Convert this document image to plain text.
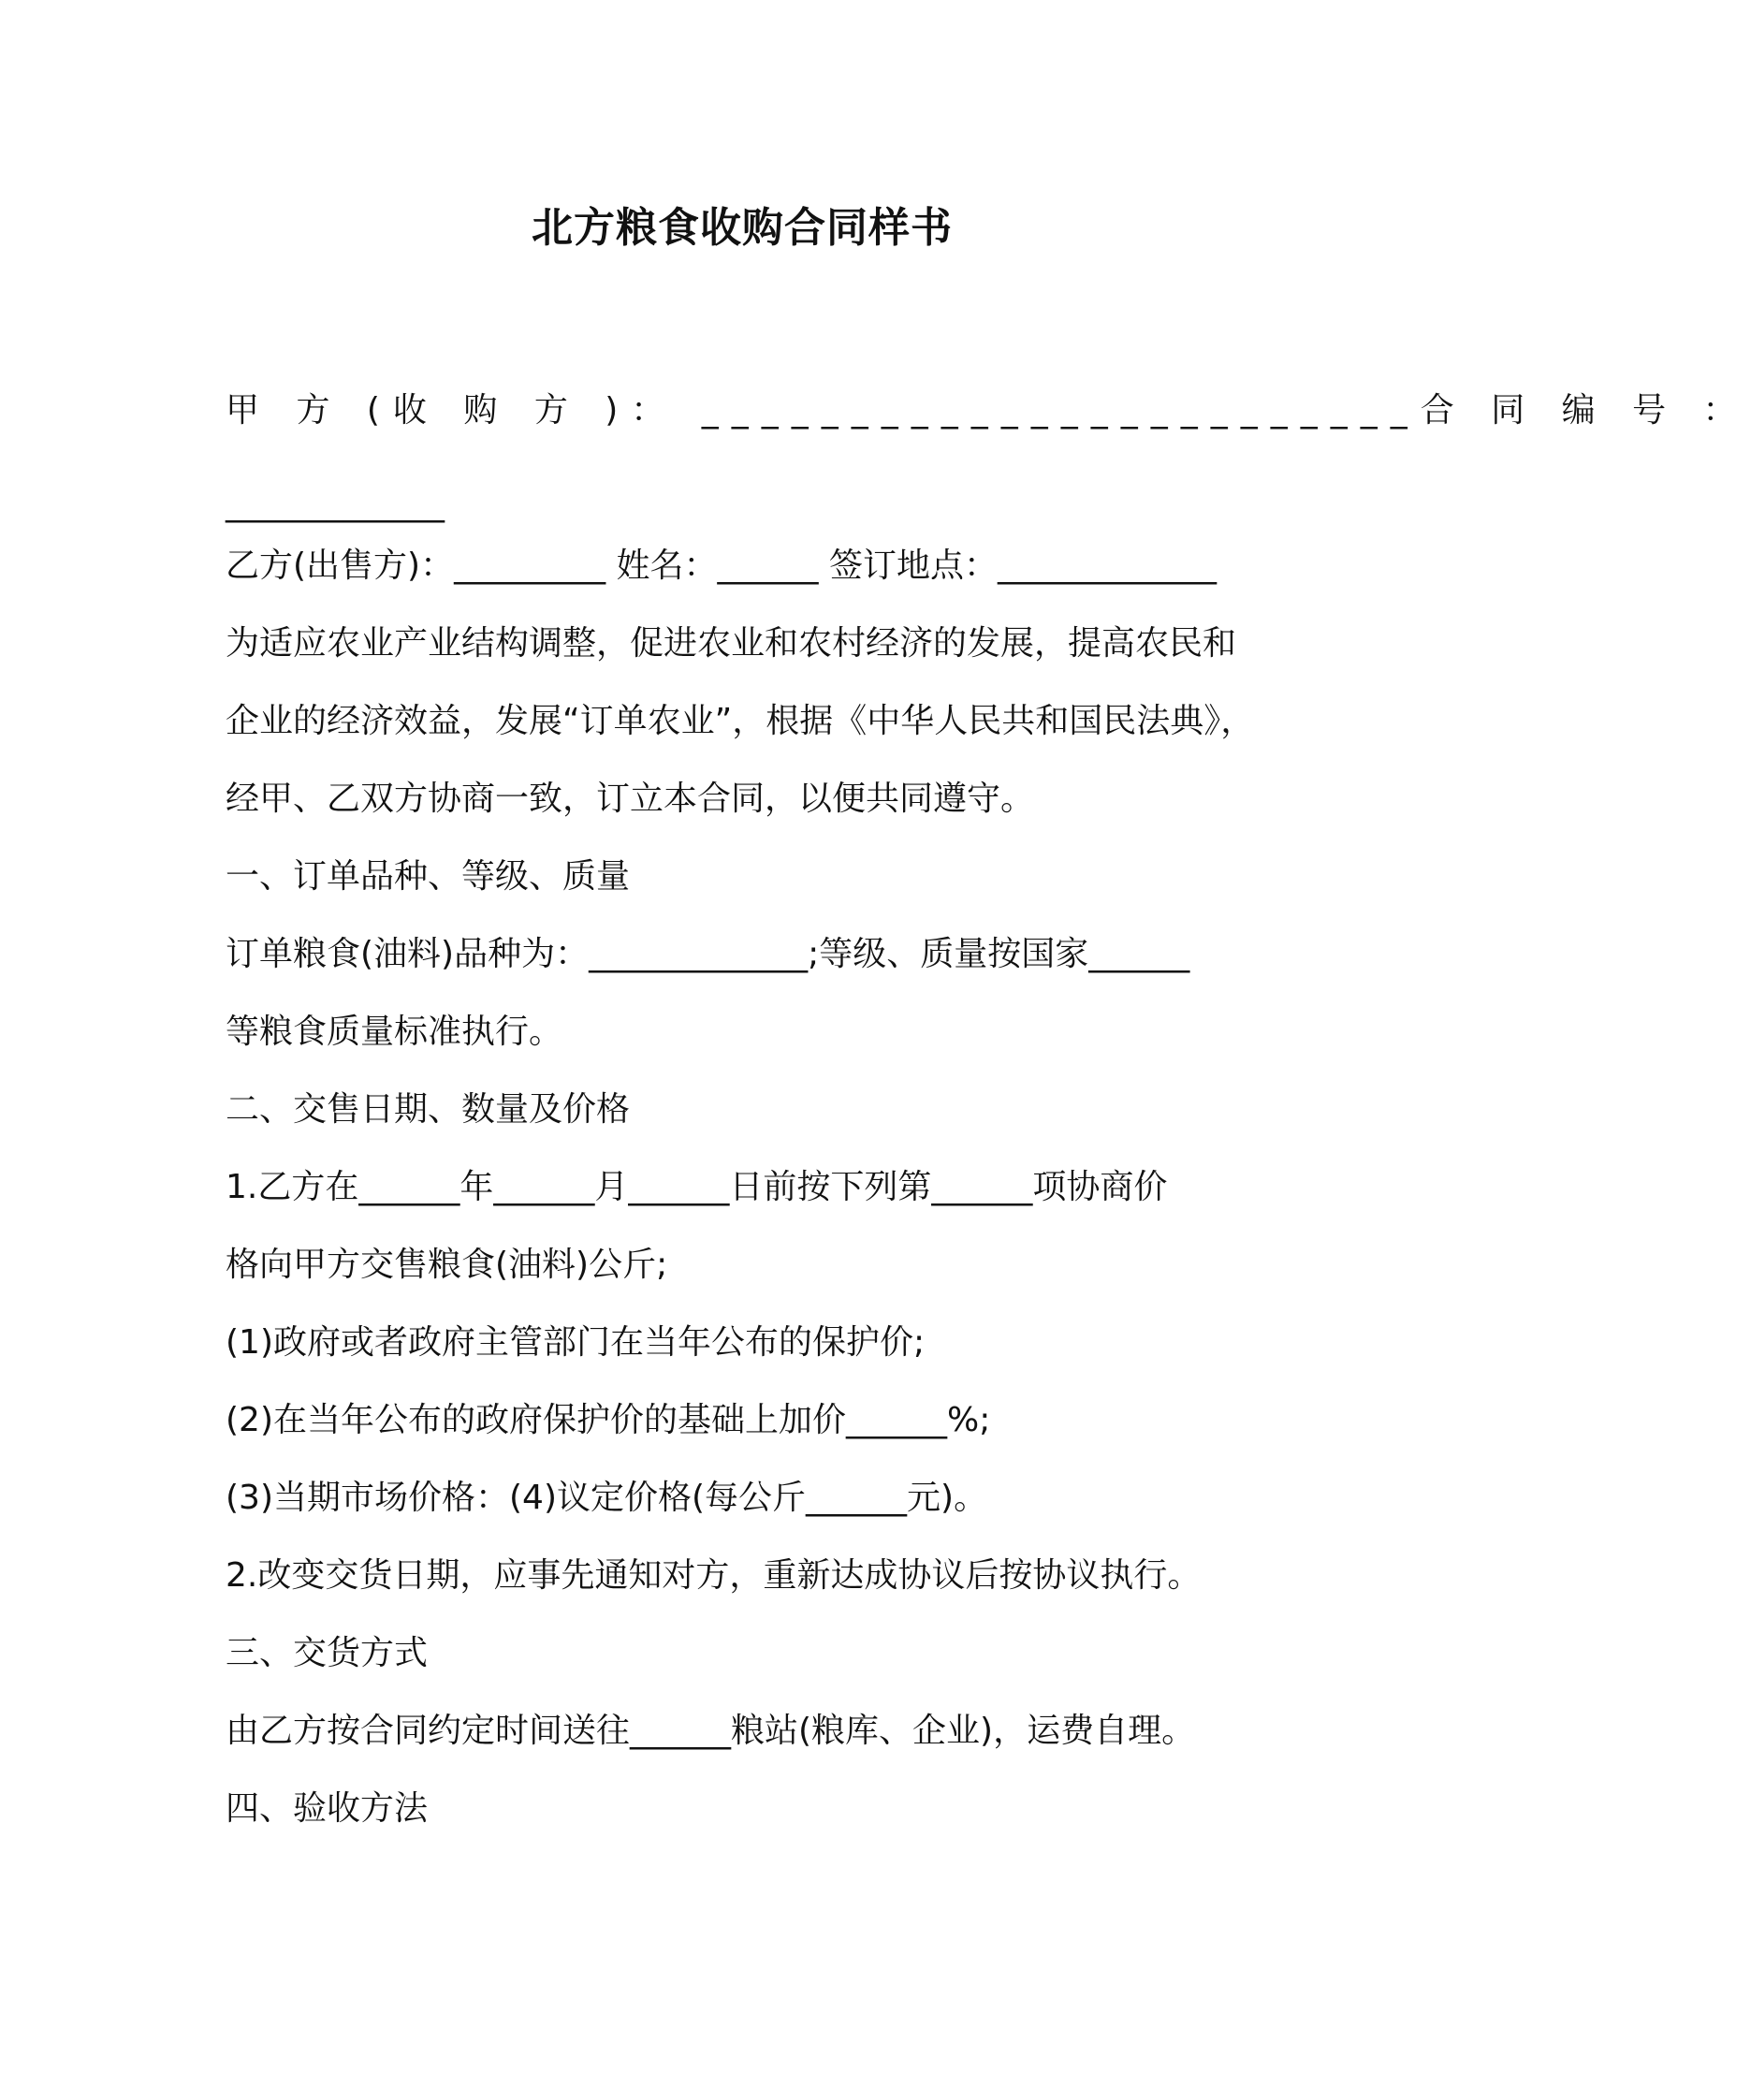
北方粮食收购合同样书
甲 方 (收 购 方 )： ________________________ 合 同 编 号 ：
_____________
乙方(出售方)：_________ 姓名：______ 签订地点：_____________
为适应农业产业结构调整，促进农业和农村经济的发展，提高农民和
企业的经济效益，发展“订单农业”，根据《中华人民共和国民法典》，
经甲、乙双方协商一致，订立本合同，以便共同遵守。
一、订单品种、等级、质量
订单粮食(油料)品种为：_____________;等级、质量按国家______
等粮食质量标准执行。
二、交售日期、数量及价格
1.乙方在______年______月______日前按下列第______项协商价
格向甲方交售粮食(油料)公斤;
(1)政府或者政府主管部门在当年公布的保护价;
(2)在当年公布的政府保护价的基础上加价______%;
(3)当期市场价格：(4)议定价格(每公斤______元)。
2.改变交货日期，应事先通知对方，重新达成协议后按协议执行。
三、交货方式
由乙方按合同约定时间送往______粮站(粮库、企业)，运费自理。
四、验收方法
